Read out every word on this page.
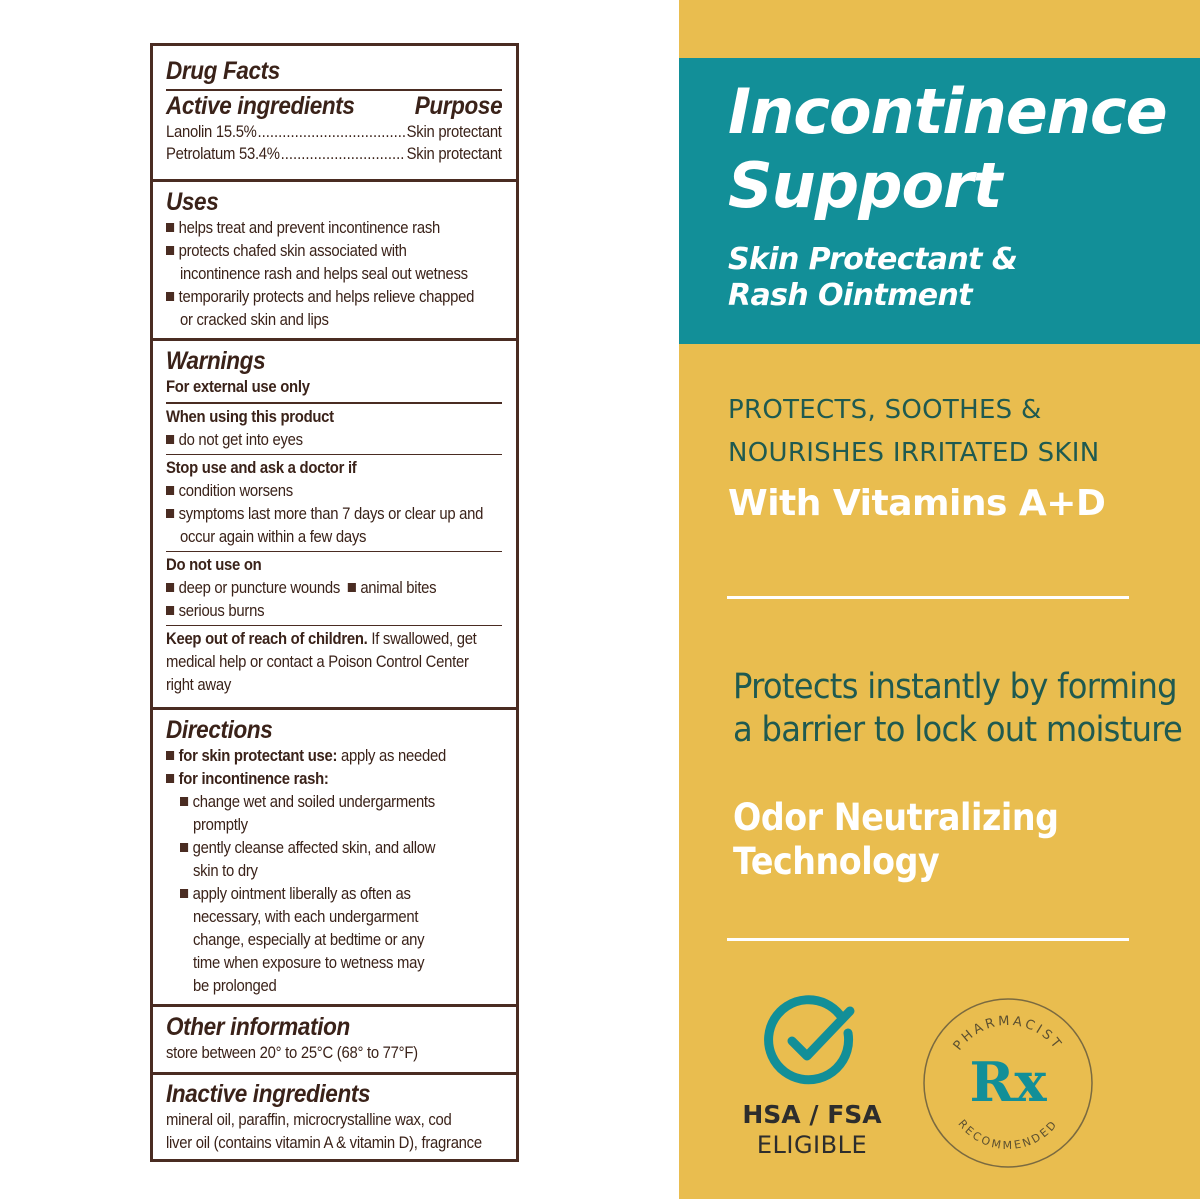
Drug Facts
Active ingredients Purpose
Lanolin 15.5% .....	Skin protectant
Petrolatum 53.4% .....	Skin protectant
Uses
helps treat and prevent incontinence rash
protects chafed skin associated with
incontinence rash and helps seal out wetness
temporarily protects and helps relieve chapped
or cracked skin and lips
Warnings
For external use only
When using this product
do not get into eyes
Stop use and ask a doctor if
condition worsens
symptoms last more than 7 days or clear up and
occur again within a few days
Do not use on
deep or puncture wounds animal bites
serious burns
Keep out of reach of children. If swallowed, get
medical help or contact a Poison Control Center
right away
Directions
for skin protectant use: apply as needed
for incontinence rash:
change wet and soiled undergarments
promptly
gently cleanse affected skin, and allow
skin to dry
apply ointment liberally as often as
necessary, with each undergarment
change, especially at bedtime or any
time when exposure to wetness may
be prolonged
Other information
store between 20° to 25°C (68° to 77°F)
Inactive ingredients
mineral oil, paraffin, microcrystalline wax, cod
liver oil (contains vitamin A & vitamin D), fragrance
Incontinence
Support
Skin Protectant &
Rash Ointment
PROTECTS, SOOTHES &
NOURISHES IRRITATED SKIN
With Vitamins A+D
Protects instantly by forming
a barrier to lock out moisture
Odor Neutralizing
Technology
HSA / FSA
ELIGIBLE
PHARMACIST
RECOMMENDED
Rx
